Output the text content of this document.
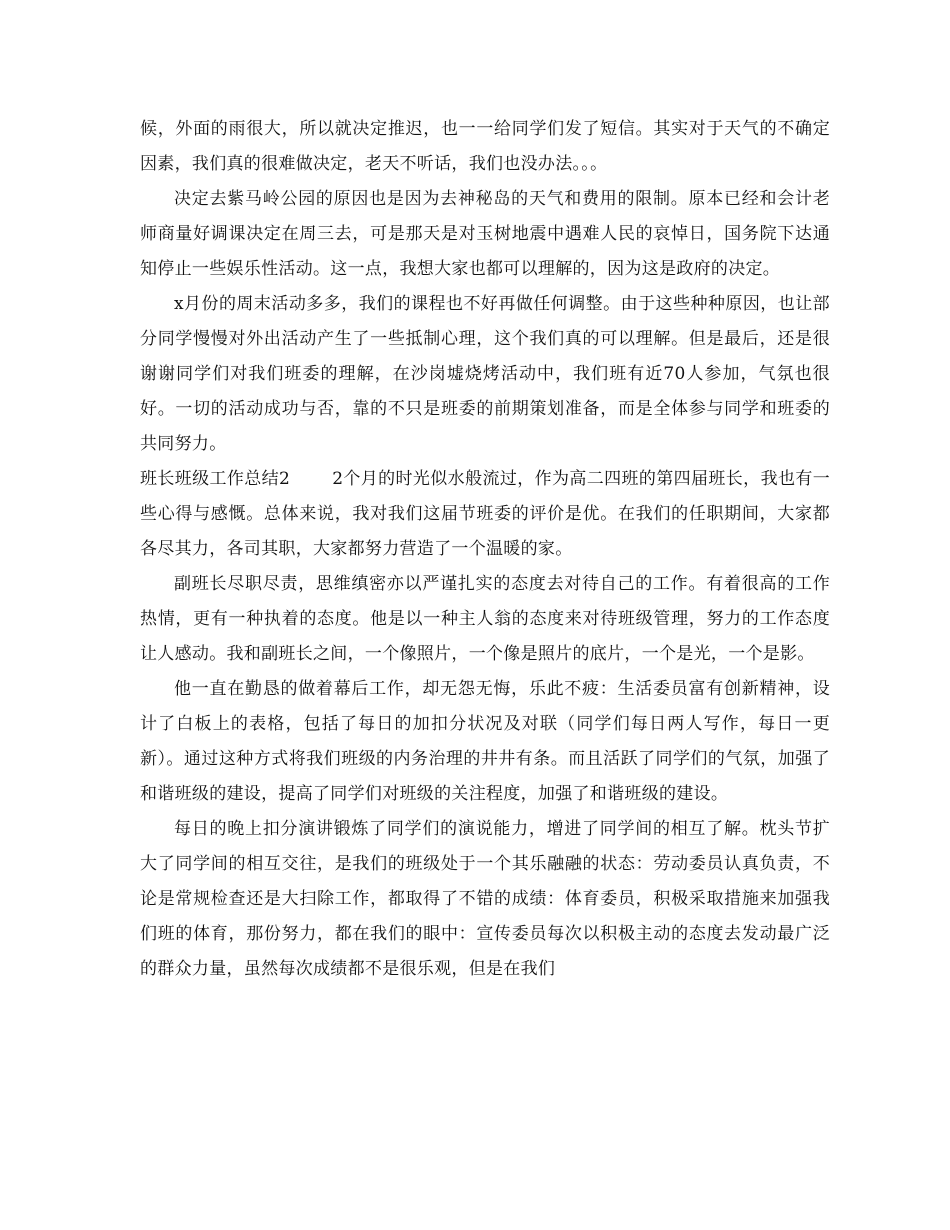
候，外面的雨很大，所以就决定推迟，也一一给同学们发了短信。其实对于天气的不确定因素，我们真的很难做决定，老天不听话，我们也没办法。。。

决定去紫马岭公园的原因也是因为去神秘岛的天气和费用的限制。原本已经和会计老师商量好调课决定在周三去，可是那天是对玉树地震中遇难人民的哀悼日，国务院下达通知停止一些娱乐性活动。这一点，我想大家也都可以理解的，因为这是政府的决定。

x月份的周末活动多多，我们的课程也不好再做任何调整。由于这些种种原因，也让部分同学慢慢对外出活动产生了一些抵制心理，这个我们真的可以理解。但是最后，还是很谢谢同学们对我们班委的理解，在沙岗墟烧烤活动中，我们班有近70人参加，气氛也很好。一切的活动成功与否，靠的不只是班委的前期策划准备，而是全体参与同学和班委的共同努力。

班长班级工作总结2 2个月的时光似水般流过，作为高二四班的第四届班长，我也有一些心得与感慨。总体来说，我对我们这届节班委的评价是优。在我们的任职期间，大家都各尽其力，各司其职，大家都努力营造了一个温暖的家。

副班长尽职尽责，思维缜密亦以严谨扎实的态度去对待自己的工作。有着很高的工作热情，更有一种执着的态度。他是以一种主人翁的态度来对待班级管理，努力的工作态度让人感动。我和副班长之间，一个像照片，一个像是照片的底片，一个是光，一个是影。

他一直在勤恳的做着幕后工作，却无怨无悔，乐此不疲：生活委员富有创新精神，设计了白板上的表格，包括了每日的加扣分状况及对联（同学们每日两人写作，每日一更新）。通过这种方式将我们班级的内务治理的井井有条。而且活跃了同学们的气氛，加强了和谐班级的建设，提高了同学们对班级的关注程度，加强了和谐班级的建设。

每日的晚上扣分演讲锻炼了同学们的演说能力，增进了同学间的相互了解。枕头节扩大了同学间的相互交往，是我们的班级处于一个其乐融融的状态：劳动委员认真负责，不论是常规检查还是大扫除工作，都取得了不错的成绩：体育委员，积极采取措施来加强我们班的体育，那份努力，都在我们的眼中：宣传委员每次以积极主动的态度去发动最广泛的群众力量，虽然每次成绩都不是很乐观，但是在我们
